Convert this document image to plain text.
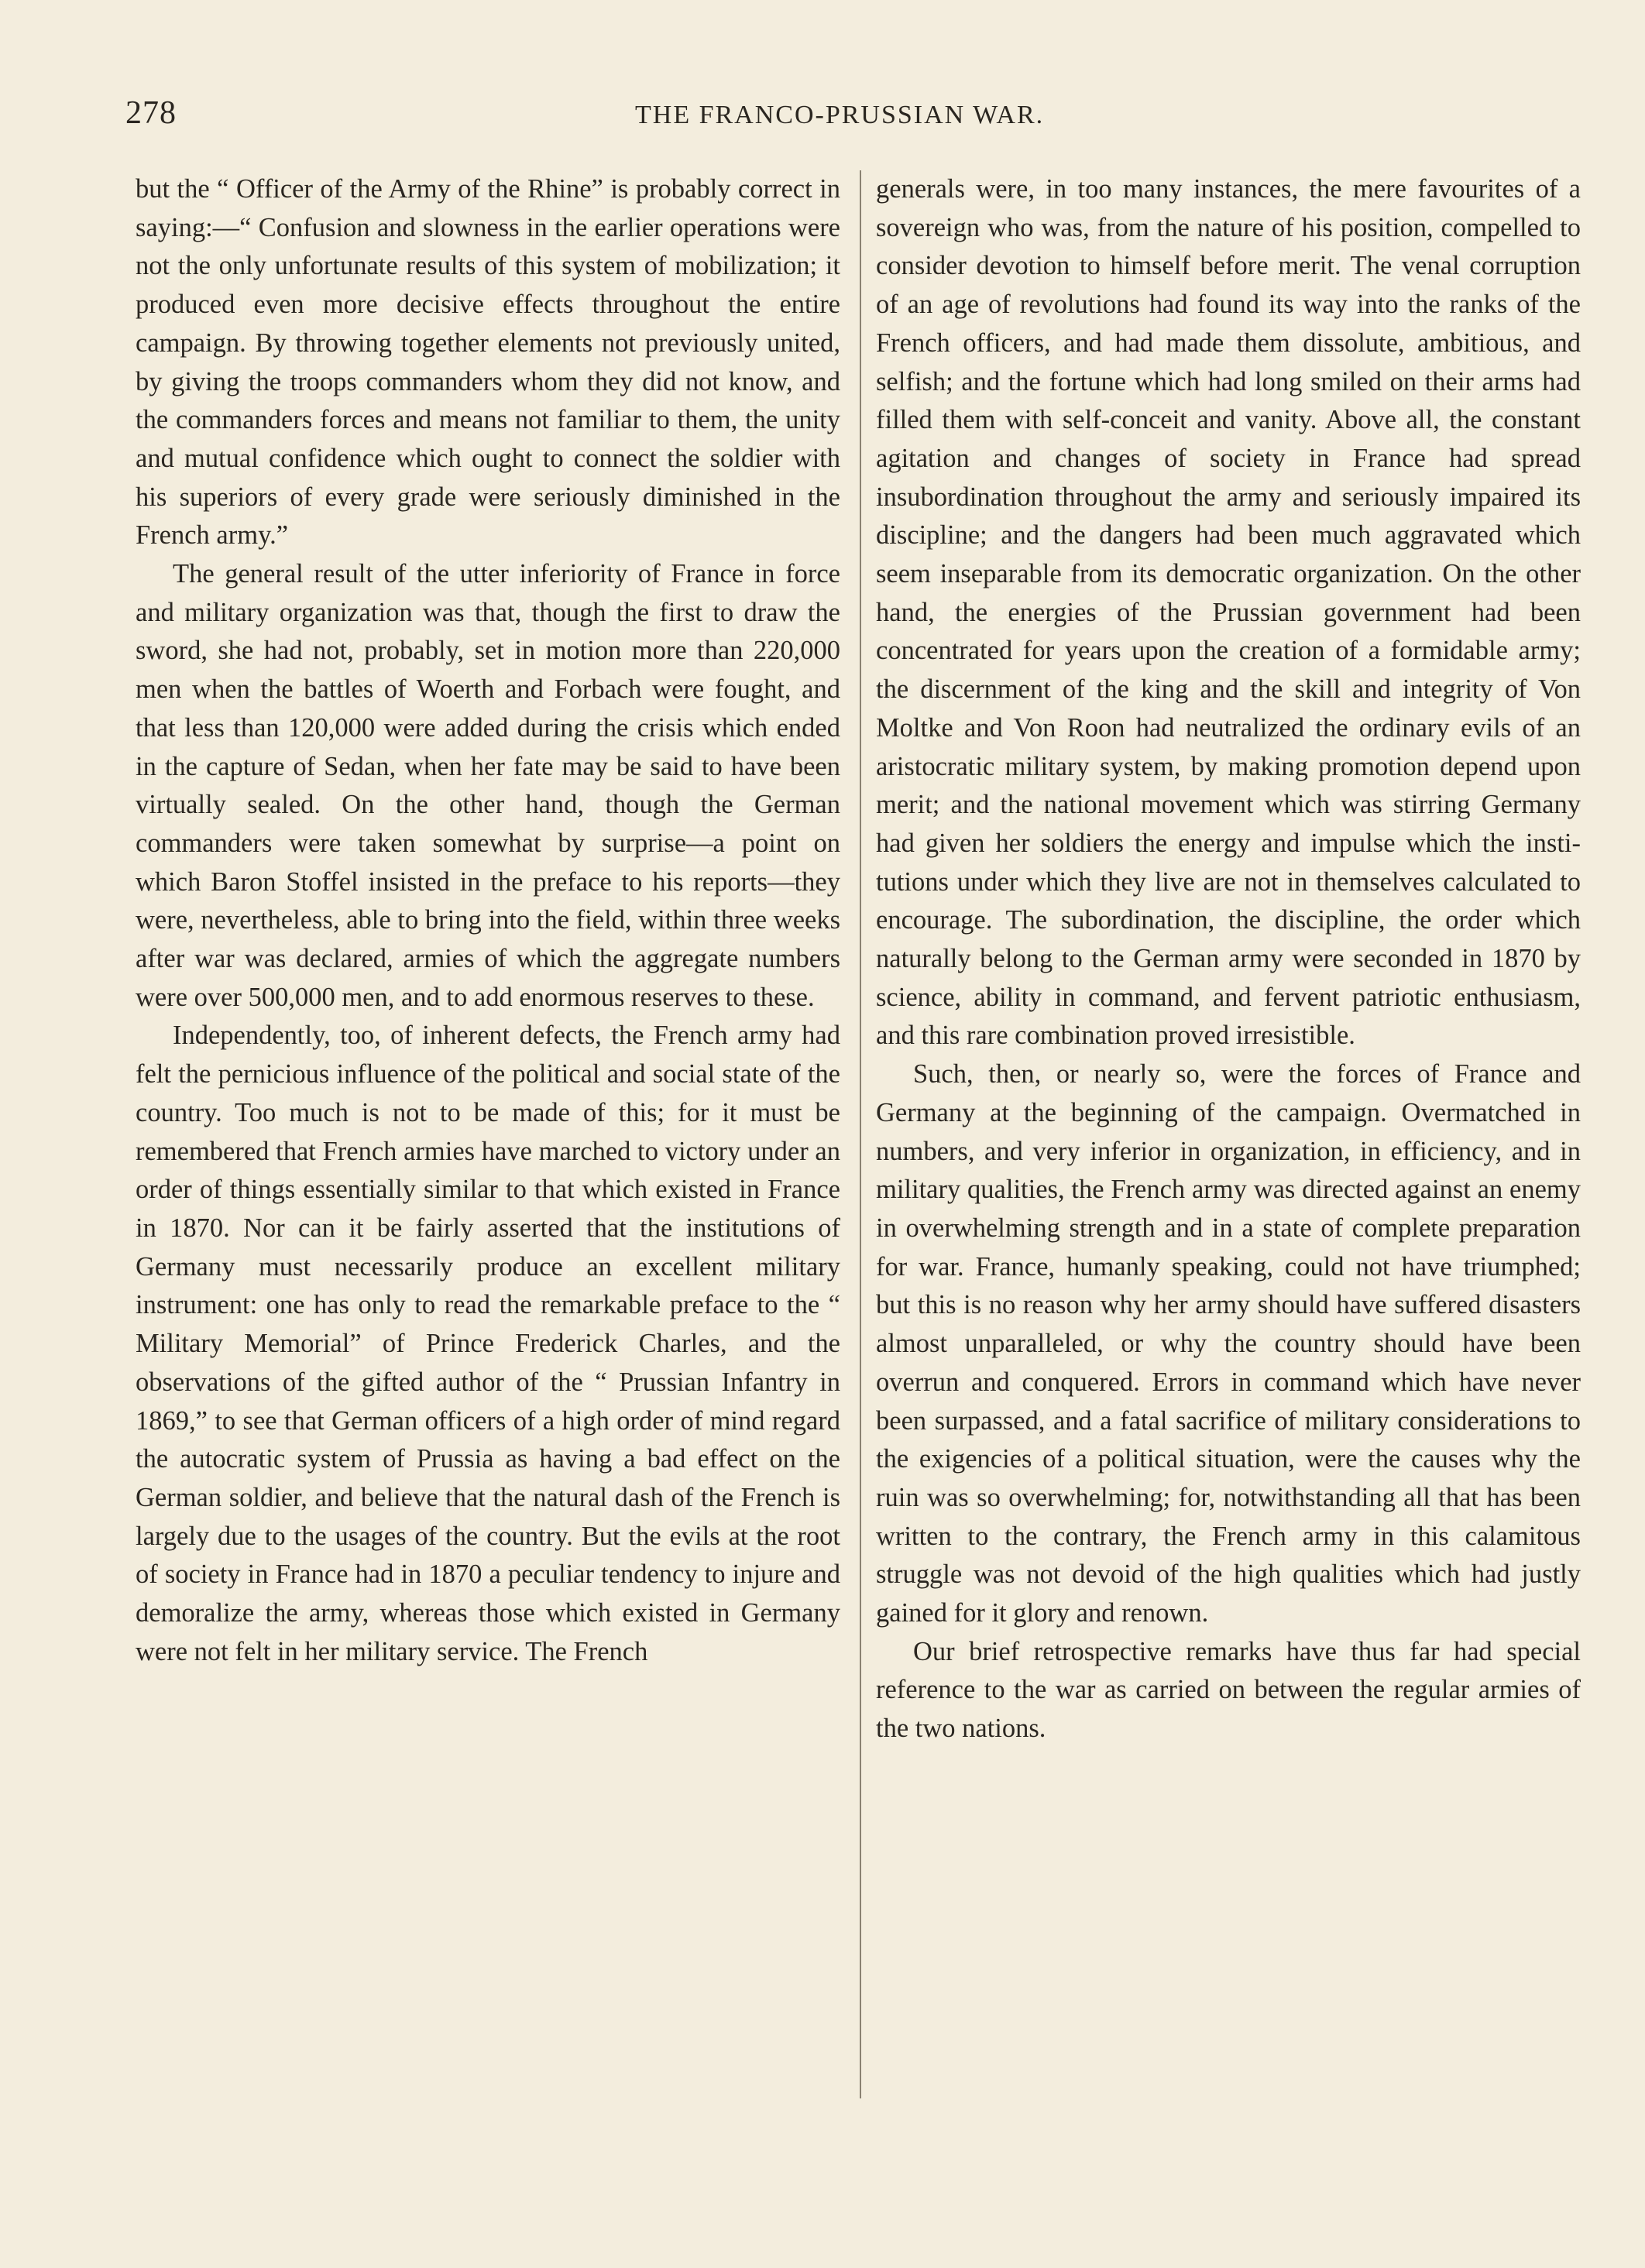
278	THE FRANCO-PRUSSIAN WAR.

but the “ Officer of the Army of the Rhine” is probably correct in saying:—“ Confusion and slowness in the earlier operations were not the only unfortunate results of this system of mobilization; it produced even more decisive effects throughout the entire campaign. By throwing together elements not previously united, by giving the troops commanders whom they did not know, and the commanders forces and means not familiar to them, the unity and mutual confidence which ought to connect the soldier with his superiors of every grade were seriously diminished in the French army.”

The general result of the utter inferiority of France in force and military organization was that, though the first to draw the sword, she had not, probably, set in motion more than 220,000 men when the battles of Woerth and Forbach were fought, and that less than 120,000 were added during the crisis which ended in the capture of Sedan, when her fate may be said to have been virtually sealed. On the other hand, though the German commanders were taken somewhat by surprise—a point on which Baron Stoffel insisted in the preface to his reports—they were, nevertheless, able to bring into the field, within three weeks after war was declared, armies of which the aggregate numbers were over 500,000 men, and to add enormous reserves to these.

Independently, too, of inherent defects, the French army had felt the pernicious influence of the political and social state of the country. Too much is not to be made of this; for it must be remembered that French armies have marched to victory under an order of things essentially similar to that which existed in France in 1870. Nor can it be fairly asserted that the institutions of Germany must necessarily produce an excellent military instrument: one has only to read the remarkable preface to the “ Military Memorial” of Prince Frederick Charles, and the observations of the gifted author of the “ Prussian Infantry in 1869,” to see that German officers of a high order of mind regard the autocratic system of Prussia as having a bad effect on the German soldier, and believe that the natural dash of the French is largely due to the usages of the country. But the evils at the root of society in France had in 1870 a peculiar tendency to injure and demoralize the army, whereas those which existed in Germany were not felt in her military service. The French

generals were, in too many instances, the mere favourites of a sovereign who was, from the nature of his position, compelled to consider devotion to himself before merit. The venal corruption of an age of revolutions had found its way into the ranks of the French officers, and had made them dissolute, ambitious, and selfish; and the fortune which had long smiled on their arms had filled them with self-conceit and vanity. Above all, the constant agitation and changes of society in France had spread insubordination throughout the army and seriously impaired its discipline; and the dangers had been much aggravated which seem inseparable from its democratic organization. On the other hand, the energies of the Prussian government had been concentrated for years upon the creation of a formidable army; the discernment of the king and the skill and integrity of Von Moltke and Von Roon had neutralized the ordinary evils of an aristocratic military system, by making promotion depend upon merit; and the national movement which was stirring Germany had given her soldiers the energy and impulse which the institutions under which they live are not in themselves calculated to encourage. The subordination, the discipline, the order which naturally belong to the German army were seconded in 1870 by science, ability in command, and fervent patriotic enthusiasm, and this rare combination proved irresistible.

Such, then, or nearly so, were the forces of France and Germany at the beginning of the campaign. Overmatched in numbers, and very inferior in organization, in efficiency, and in military qualities, the French army was directed against an enemy in overwhelming strength and in a state of complete preparation for war. France, humanly speaking, could not have triumphed; but this is no reason why her army should have suffered disasters almost unparalleled, or why the country should have been overrun and conquered. Errors in command which have never been surpassed, and a fatal sacrifice of military considerations to the exigencies of a political situation, were the causes why the ruin was so overwhelming; for, notwithstanding all that has been written to the contrary, the French army in this calamitous struggle was not devoid of the high qualities which had justly gained for it glory and renown.

Our brief retrospective remarks have thus far had special reference to the war as carried on between the regular armies of the two nations.
